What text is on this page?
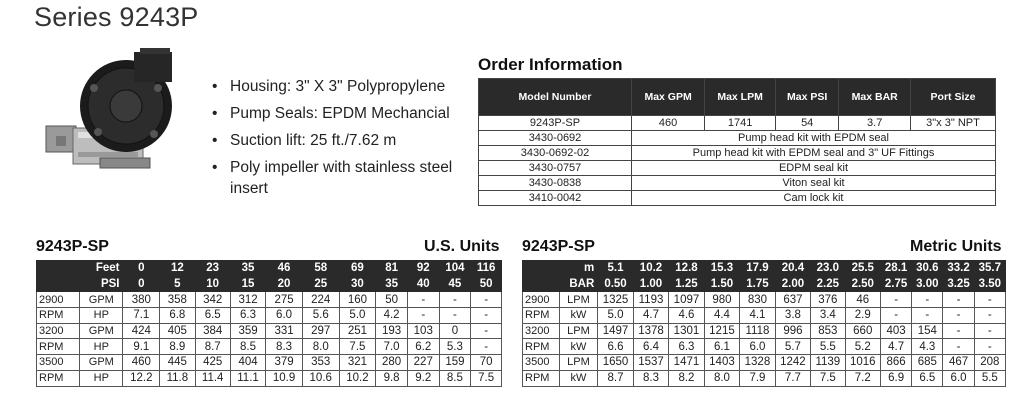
Series 9243P
• Housing: 3" X 3" Polypropylene
• Pump Seals: EPDM Mechancial
• Suction lift: 25 ft./7.62 m
• Poly impeller with stainless steel insert
Order Information
Model Number	Max GPM	Max LPM	Max PSI	Max BAR	Port Size
9243P-SP	460	1741	54	3.7	3"x 3" NPT
3430-0692	Pump head kit with EPDM seal				
3430-0692-02	Pump head kit with EPDM seal and 3" UF Fittings				
3430-0757	EDPM seal kit				
3430-0838	Viton seal kit				
3410-0042	Cam lock kit				
9243P-SP	U.S. Units
	Feet	0	12	23	35	46	58	69	81	92	104	116
	PSI	0	5	10	15	20	25	30	35	40	45	50
2900	GPM	380	358	342	312	275	224	160	50	-	-	-
RPM	HP	7.1	6.8	6.5	6.3	6.0	5.6	5.0	4.2	-	-	-
3200	GPM	424	405	384	359	331	297	251	193	103	0	-
RPM	HP	9.1	8.9	8.7	8.5	8.3	8.0	7.5	7.0	6.2	5.3	-
3500	GPM	460	445	425	404	379	353	321	280	227	159	70
RPM	HP	12.2	11.8	11.4	11.1	10.9	10.6	10.2	9.8	9.2	8.5	7.5
9243P-SP	Metric Units
	m	5.1	10.2	12.8	15.3	17.9	20.4	23.0	25.5	28.1	30.6	33.2	35.7
	BAR	0.50	1.00	1.25	1.50	1.75	2.00	2.25	2.50	2.75	3.00	3.25	3.50
2900	LPM	1325	1193	1097	980	830	637	376	46	-	-	-	-
RPM	kW	5.0	4.7	4.6	4.4	4.1	3.8	3.4	2.9	-	-	-	-
3200	LPM	1497	1378	1301	1215	1118	996	853	660	403	154	-	-
RPM	kW	6.6	6.4	6.3	6.1	6.0	5.7	5.5	5.2	4.7	4.3	-	-
3500	LPM	1650	1537	1471	1403	1328	1242	1139	1016	866	685	467	208
RPM	kW	8.7	8.3	8.2	8.0	7.9	7.7	7.5	7.2	6.9	6.5	6.0	5.5
